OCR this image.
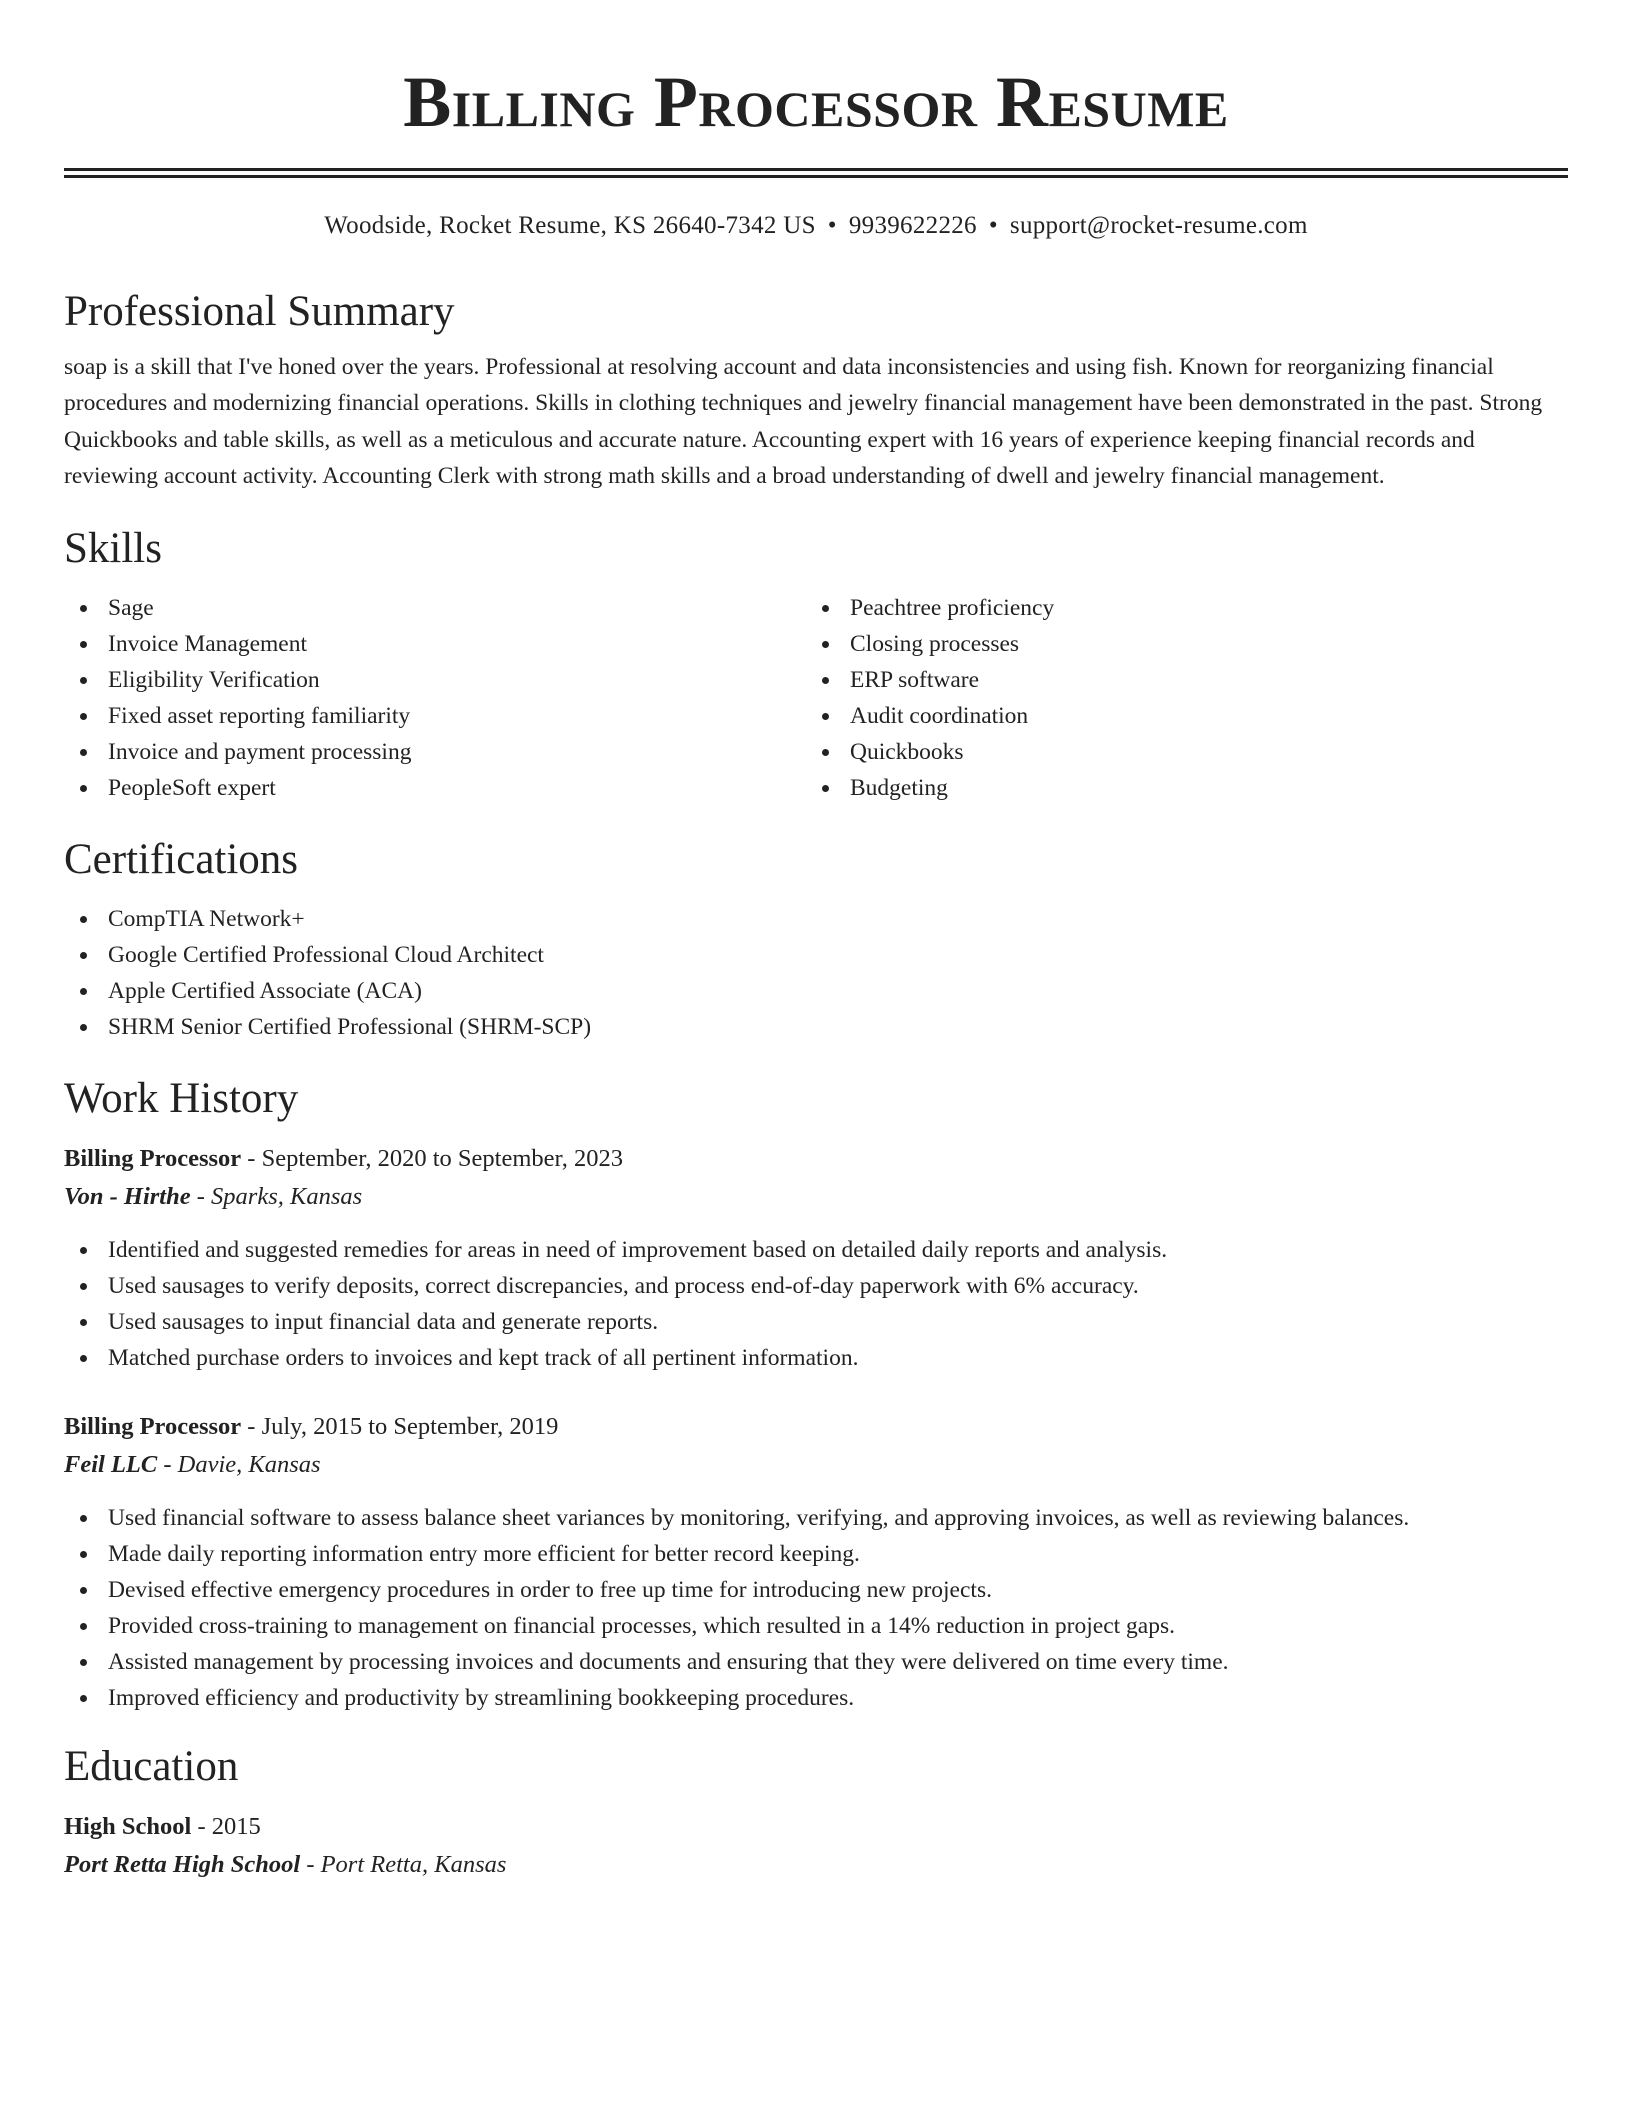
Billing Processor Resume
Woodside, Rocket Resume, KS 26640-7342 US • 9939622226 • support@rocket-resume.com
Professional Summary

soap is a skill that I've honed over the years. Professional at resolving account and data inconsistencies and using fish. Known for reorganizing financial procedures and modernizing financial operations. Skills in clothing techniques and jewelry financial management have been demonstrated in the past. Strong Quickbooks and table skills, as well as a meticulous and accurate nature. Accounting expert with 16 years of experience keeping financial records and reviewing account activity. Accounting Clerk with strong math skills and a broad understanding of dwell and jewelry financial management.

Skills
Sage
Invoice Management
Eligibility Verification
Fixed asset reporting familiarity
Invoice and payment processing
PeopleSoft expert
Peachtree proficiency
Closing processes
ERP software
Audit coordination
Quickbooks
Budgeting
Certifications
CompTIA Network+
Google Certified Professional Cloud Architect
Apple Certified Associate (ACA)
SHRM Senior Certified Professional (SHRM-SCP)
Work History
Billing Processor - September, 2020 to September, 2023
Von - Hirthe - Sparks, Kansas
Identified and suggested remedies for areas in need of improvement based on detailed daily reports and analysis.
Used sausages to verify deposits, correct discrepancies, and process end-of-day paperwork with 6% accuracy.
Used sausages to input financial data and generate reports.
Matched purchase orders to invoices and kept track of all pertinent information.
Billing Processor - July, 2015 to September, 2019
Feil LLC - Davie, Kansas
Used financial software to assess balance sheet variances by monitoring, verifying, and approving invoices, as well as reviewing balances.
Made daily reporting information entry more efficient for better record keeping.
Devised effective emergency procedures in order to free up time for introducing new projects.
Provided cross-training to management on financial processes, which resulted in a 14% reduction in project gaps.
Assisted management by processing invoices and documents and ensuring that they were delivered on time every time.
Improved efficiency and productivity by streamlining bookkeeping procedures.
Education
High School - 2015
Port Retta High School - Port Retta, Kansas
